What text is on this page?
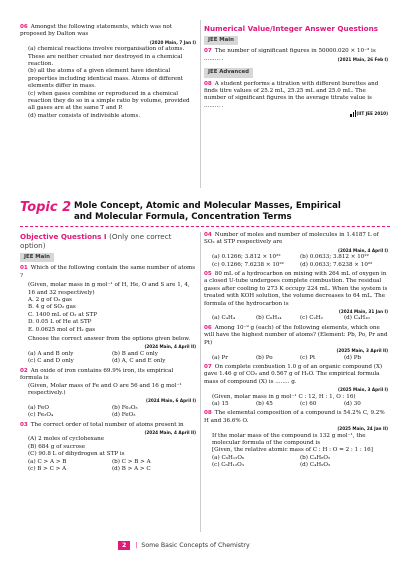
06 Amongst the following statements, which was not proposed by Dalton was
(2020 Main, 7 Jan I)
(a) chemical reactions involve reorganisation of atoms. These are neither created nor destroyed in a chemical reaction.
(b) all the atoms of a given element have identical properties including identical mass. Atoms of different elements differ in mass.
(c) when gases combine or reproduced in a chemical reaction they do so in a simple ratio by volume, provided all gases are at the same T and P.
(d) matter consists of indivisible atoms.
Numerical Value/Integer Answer Questions
JEE Main
07 The number of significant figures in 50000.020 × 10⁻³ is ......... .	(2021 Main, 26 Feb I)
JEE Advanced
08 A student performs a titration with different burettes and finds titre values of 25.2 mL, 25.25 mL and 25.0 mL. The number of significant figures in the average titrate value is ......... .
(IIT JEE 2010)
Topic 2 Mole Concept, Atomic and Molecular Masses, Empirical
and Molecular Formula, Concentration Terms
Objective Questions I (Only one correct option)
JEE Main
01 Which of the following contain the same number of atoms ?
(Given, molar mass in g mol⁻¹ of H, He, O and S are 1, 4, 16 and 32 respectively)
A. 2 g of O₃ gas
B. 4 g of SO₂ gas
C. 1400 mL of O₂ at STP
D. 0.05 L of He at STP
E. 0.0625 mol of H₂ gas
Choose the correct answer from the options given below.
(2024 Main, 4 April II)
(a) A and B only	(b) B and C only
(c) C and D only	(d) A, C and E only
02 An oxide of iron contains 69.9% iron, its empirical formula is
(Given, Molar mass of Fe and O are 56 and 16 g mol⁻¹ respectively.)
(2024 Main, 6 April I)
(a) FeO	(b) Fe₂O₃
(c) Fe₃O₄	(d) FeO₃
03 The correct order of total number of atoms present in
(2024 Main, 4 April II)
(A) 2 moles of cyclohexane
(B) 684 g of sucrose
(C) 90.8 L of dihydrogen at STP is
(a) C > A > B	(b) C > B > A
(c) B > C > A	(d) B > A > C
04 Number of moles and number of molecules in 1.4187 L of SO₂ at STP respectively are
(2024 Main, 4 April I)
(a) 0.1266; 3.812 × 10²²	(b) 0.0633; 3.812 × 10²²
(c) 0.1266; 7.6238 × 10²²	(d) 0.0633; 7.6238 × 10²²
05 80 mL of a hydrocarbon on mixing with 264 mL of oxygen in a closed U-tube undergoes complete combustion. The residual gases after cooling to 273 K occupy 224 mL. When the system is treated with KOH solution, the volume decreases to 64 mL. The formula of the hydrocarbon is
(2024 Main, 31 Jan I)
(a) C₄H₄	(b) C₆H₁₄	(c) C₂H₂	(d) C₄H₁₀
06 Among 10⁻⁹ g (each) of the following elements, which one will have the highest number of atoms? (Element: Pb, Po, Pr and Pt)
(2025 Main, 3 April II)
(a) Pr	(b) Po	(c) Pt	(d) Pb
07 On complete combustion 1.0 g of an organic compound (X) gave 1.46 g of CO₂ and 0.567 g of H₂O. The empirical formula mass of compound (X) is ........ g.
(2025 Main, 3 April I)
(Given, molar mass in g mol⁻¹ C : 12, H : 1, O : 16)
(a) 15	(b) 45	(c) 60	(d) 30
08 The elemental composition of a compound is 54.2% C, 9.2% H and 36.6% O.
(2025 Main, 24 Jan II)
If the molar mass of the compound is 132 g mol⁻¹, the molecular formula of the compound is
[Given, the relative atomic mass of C : H : O = 2 : 1 : 16]
(a) C₆H₁₂O₆	(b) C₄H₈O₂
(c) C₆H₁₂O₃	(d) C₄H₉O₃
2	| Some Basic Concepts of Chemistry
